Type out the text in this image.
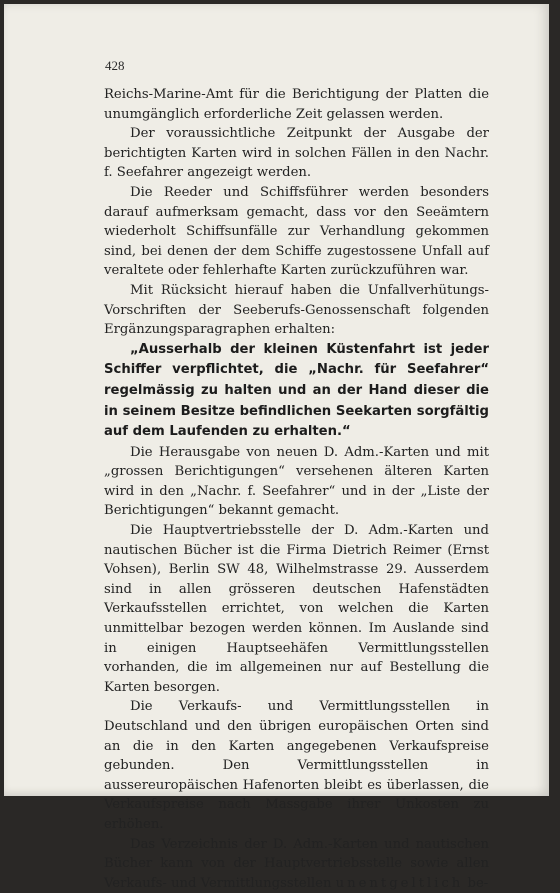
428

Reichs-Marine-Amt für die Berichtigung der Platten die unumgänglich erforderliche Zeit gelassen werden.

Der voraussichtliche Zeitpunkt der Ausgabe der berichtigten Karten wird in solchen Fällen in den Nachr. f. Seefahrer angezeigt werden.

Die Reeder und Schiffsführer werden besonders darauf aufmerksam gemacht, dass vor den Seeämtern wiederholt Schiffsunfälle zur Verhandlung gekommen sind, bei denen der dem Schiffe zugestossene Unfall auf veraltete oder fehlerhafte Karten zurückzuführen war.

Mit Rücksicht hierauf haben die Unfallverhütungs-Vorschriften der Seeberufs-Genossenschaft folgenden Ergänzungsparagraphen erhalten:

„Ausserhalb der kleinen Küstenfahrt ist jeder Schiffer verpflichtet, die „Nachr. für Seefahrer“ regelmässig zu halten und an der Hand dieser die in seinem Besitze befindlichen Seekarten sorgfältig auf dem Laufenden zu erhalten.“

Die Herausgabe von neuen D. Adm.-Karten und mit „grossen Berichtigungen“ versehenen älteren Karten wird in den „Nachr. f. Seefahrer“ und in der „Liste der Berichtigungen“ bekannt gemacht.

Die Hauptvertriebsstelle der D. Adm.-Karten und nautischen Bücher ist die Firma Dietrich Reimer (Ernst Vohsen), Berlin SW 48, Wilhelmstrasse 29. Ausserdem sind in allen grösseren deutschen Hafenstädten Verkaufsstellen errichtet, von welchen die Karten unmittelbar bezogen werden können. Im Auslande sind in einigen Hauptseehäfen Vermittlungsstellen vorhanden, die im allgemeinen nur auf Bestellung die Karten besorgen.

Die Verkaufs- und Vermittlungsstellen in Deutschland und den übrigen europäischen Orten sind an die in den Karten angegebenen Verkaufspreise gebunden. Den Vermittlungsstellen in aussereuropäischen Hafenorten bleibt es überlassen, die Verkaufspreise nach Massgabe ihrer Unkosten zu erhöhen.

Das Verzeichnis der D. Adm.-Karten und nautischen Bücher kann von der Hauptvertriebsstelle sowie allen Verkaufs- und Vermittlungsstellen unentgeltlich be-
